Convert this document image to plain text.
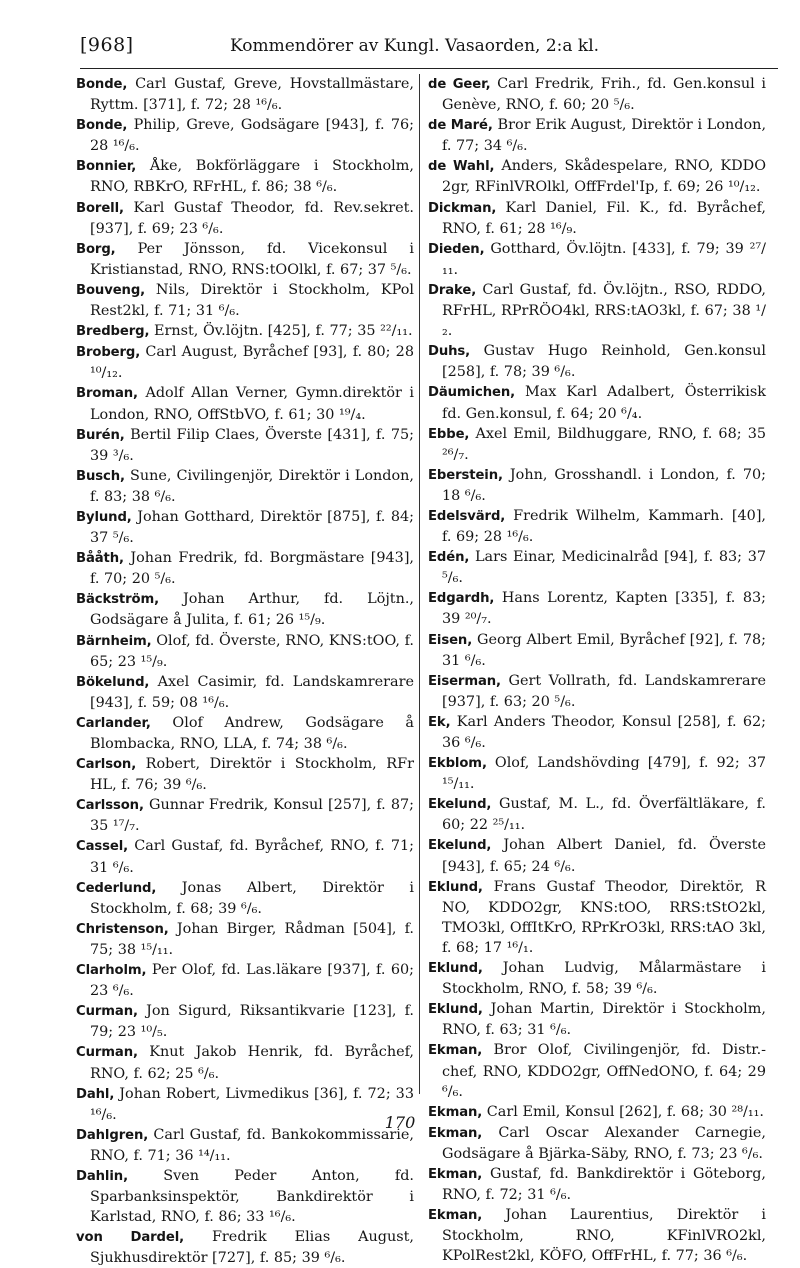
[968]	Kommendörer av Kungl. Vasaorden, 2:a kl.

Bonde, Carl Gustaf, Greve, Hovstallmästare, Ryttm. [371], f. 72; 28 ¹⁶/₆.

Bonde, Philip, Greve, Godsägare [943], f. 76; 28 ¹⁶/₆.

Bonnier, Åke, Bokförläggare i Stockholm, RNO, RBKrO, RFrHL, f. 86; 38 ⁶/₆.

Borell, Karl Gustaf Theodor, fd. Rev.sekret. [937], f. 69; 23 ⁶/₆.

Borg, Per Jönsson, fd. Vicekonsul i Kristianstad, RNO, RNS:tOOlkl, f. 67; 37 ⁵/₆.

Bouveng, Nils, Direktör i Stockholm, KPol Rest2kl, f. 71; 31 ⁶/₆.

Bredberg, Ernst, Öv.löjtn. [425], f. 77; 35 ²²/₁₁.

Broberg, Carl August, Byråchef [93], f. 80; 28 ¹⁰/₁₂.

Broman, Adolf Allan Verner, Gymn.direktör i London, RNO, OffStbVO, f. 61; 30 ¹⁹/₄.

Burén, Bertil Filip Claes, Överste [431], f. 75; 39 ³/₆.

Busch, Sune, Civilingenjör, Direktör i London, f. 83; 38 ⁶/₆.

Bylund, Johan Gotthard, Direktör [875], f. 84; 37 ⁵/₆.

Bååth, Johan Fredrik, fd. Borgmästare [943], f. 70; 20 ⁵/₆.

Bäckström, Johan Arthur, fd. Löjtn., Godsägare å Julita, f. 61; 26 ¹⁵/₉.

Bärnheim, Olof, fd. Överste, RNO, KNS:tOO, f. 65; 23 ¹⁵/₉.

Bökelund, Axel Casimir, fd. Landskamrerare [943], f. 59; 08 ¹⁶/₆.

Carlander, Olof Andrew, Godsägare å Blombacka, RNO, LLA, f. 74; 38 ⁶/₆.

Carlson, Robert, Direktör i Stockholm, RFr HL, f. 76; 39 ⁶/₆.

Carlsson, Gunnar Fredrik, Konsul [257], f. 87; 35 ¹⁷/₇.

Cassel, Carl Gustaf, fd. Byråchef, RNO, f. 71; 31 ⁶/₆.

Cederlund, Jonas Albert, Direktör i Stockholm, f. 68; 39 ⁶/₆.

Christenson, Johan Birger, Rådman [504], f. 75; 38 ¹⁵/₁₁.

Clarholm, Per Olof, fd. Las.läkare [937], f. 60; 23 ⁶/₆.

Curman, Jon Sigurd, Riksantikvarie [123], f. 79; 23 ¹⁰/₅.

Curman, Knut Jakob Henrik, fd. Byråchef, RNO, f. 62; 25 ⁶/₆.

Dahl, Johan Robert, Livmedikus [36], f. 72; 33 ¹⁶/₆.

Dahlgren, Carl Gustaf, fd. Bankokommissarie, RNO, f. 71; 36 ¹⁴/₁₁.

Dahlin, Sven Peder Anton, fd. Sparbanksinspektör, Bankdirektör i Karlstad, RNO, f. 86; 33 ¹⁶/₆.

von Dardel, Fredrik Elias August, Sjukhusdirektör [727], f. 85; 39 ⁶/₆.

de Geer, Carl Fredrik, Frih., fd. Gen.konsul i Genève, RNO, f. 60; 20 ⁵/₆.

de Maré, Bror Erik August, Direktör i London, f. 77; 34 ⁶/₆.

de Wahl, Anders, Skådespelare, RNO, KDDO 2gr, RFinlVROlkl, OffFrdel'Ip, f. 69; 26 ¹⁰/₁₂.

Dickman, Karl Daniel, Fil. K., fd. Byråchef, RNO, f. 61; 28 ¹⁶/₉.

Dieden, Gotthard, Öv.löjtn. [433], f. 79; 39 ²⁷/₁₁.

Drake, Carl Gustaf, fd. Öv.löjtn., RSO, RDDO, RFrHL, RPrRÖO4kl, RRS:tAO3kl, f. 67; 38 ¹/₂.

Duhs, Gustav Hugo Reinhold, Gen.konsul [258], f. 78; 39 ⁶/₆.

Däumichen, Max Karl Adalbert, Österrikisk fd. Gen.konsul, f. 64; 20 ⁶/₄.

Ebbe, Axel Emil, Bildhuggare, RNO, f. 68; 35 ²⁶/₇.

Eberstein, John, Grosshandl. i London, f. 70; 18 ⁶/₆.

Edelsvärd, Fredrik Wilhelm, Kammarh. [40], f. 69; 28 ¹⁶/₆.

Edén, Lars Einar, Medicinalråd [94], f. 83; 37 ⁵/₆.

Edgardh, Hans Lorentz, Kapten [335], f. 83; 39 ²⁰/₇.

Eisen, Georg Albert Emil, Byråchef [92], f. 78; 31 ⁶/₆.

Eiserman, Gert Vollrath, fd. Landskamrerare [937], f. 63; 20 ⁵/₆.

Ek, Karl Anders Theodor, Konsul [258], f. 62; 36 ⁶/₆.

Ekblom, Olof, Landshövding [479], f. 92; 37 ¹⁵/₁₁.

Ekelund, Gustaf, M. L., fd. Överfältläkare, f. 60; 22 ²⁵/₁₁.

Ekelund, Johan Albert Daniel, fd. Överste [943], f. 65; 24 ⁶/₆.

Eklund, Frans Gustaf Theodor, Direktör, R NO, KDDO2gr, KNS:tOO, RRS:tStO2kl, TMO3kl, OffItKrO, RPrKrO3kl, RRS:tAO 3kl, f. 68; 17 ¹⁶/₁.

Eklund, Johan Ludvig, Målarmästare i Stockholm, RNO, f. 58; 39 ⁶/₆.

Eklund, Johan Martin, Direktör i Stockholm, RNO, f. 63; 31 ⁶/₆.

Ekman, Bror Olof, Civilingenjör, fd. Distr.-chef, RNO, KDDO2gr, OffNedONO, f. 64; 29 ⁶/₆.

Ekman, Carl Emil, Konsul [262], f. 68; 30 ²⁸/₁₁.

Ekman, Carl Oscar Alexander Carnegie, Godsägare å Bjärka-Säby, RNO, f. 73; 23 ⁶/₆.

Ekman, Gustaf, fd. Bankdirektör i Göteborg, RNO, f. 72; 31 ⁶/₆.

Ekman, Johan Laurentius, Direktör i Stockholm, RNO, KFinlVRO2kl, KPolRest2kl, KÖFO, OffFrHL, f. 77; 36 ⁶/₆.

170
